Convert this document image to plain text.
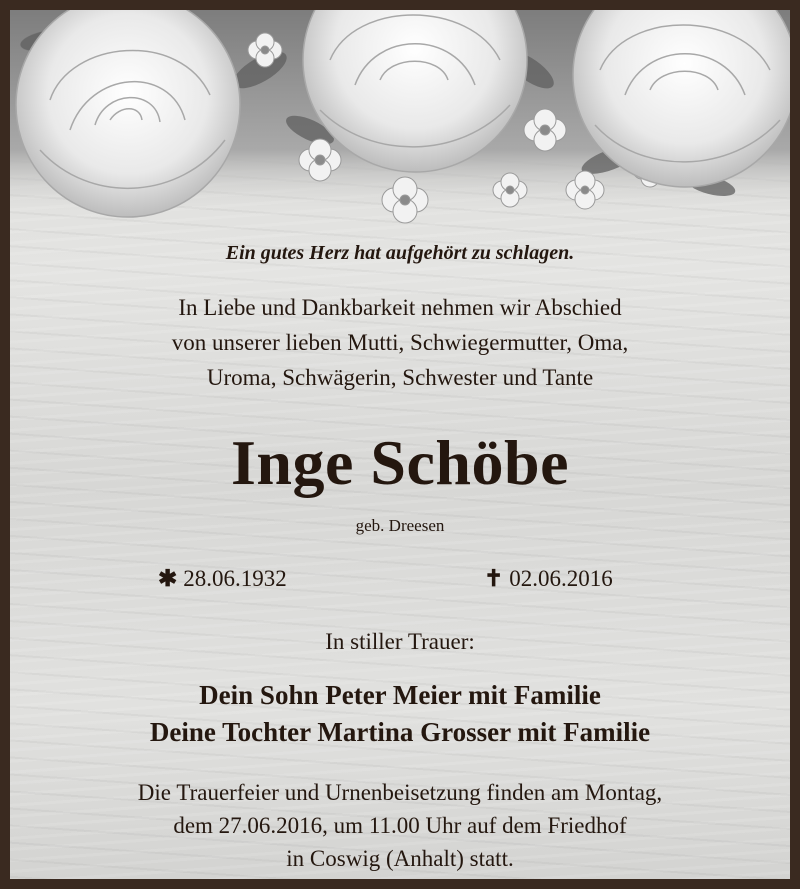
Ein gutes Herz hat aufgehört zu schlagen.
In Liebe und Dankbarkeit nehmen wir Abschied
von unserer lieben Mutti, Schwiegermutter, Oma,
Uroma, Schwägerin, Schwester und Tante
Inge Schöbe
geb. Dreesen
✱ 28.06.1932	✝ 02.06.2016
In stiller Trauer:
Dein Sohn Peter Meier mit Familie
Deine Tochter Martina Grosser mit Familie
Die Trauerfeier und Urnenbeisetzung finden am Montag,
dem 27.06.2016, um 11.00 Uhr auf dem Friedhof
in Coswig (Anhalt) statt.
